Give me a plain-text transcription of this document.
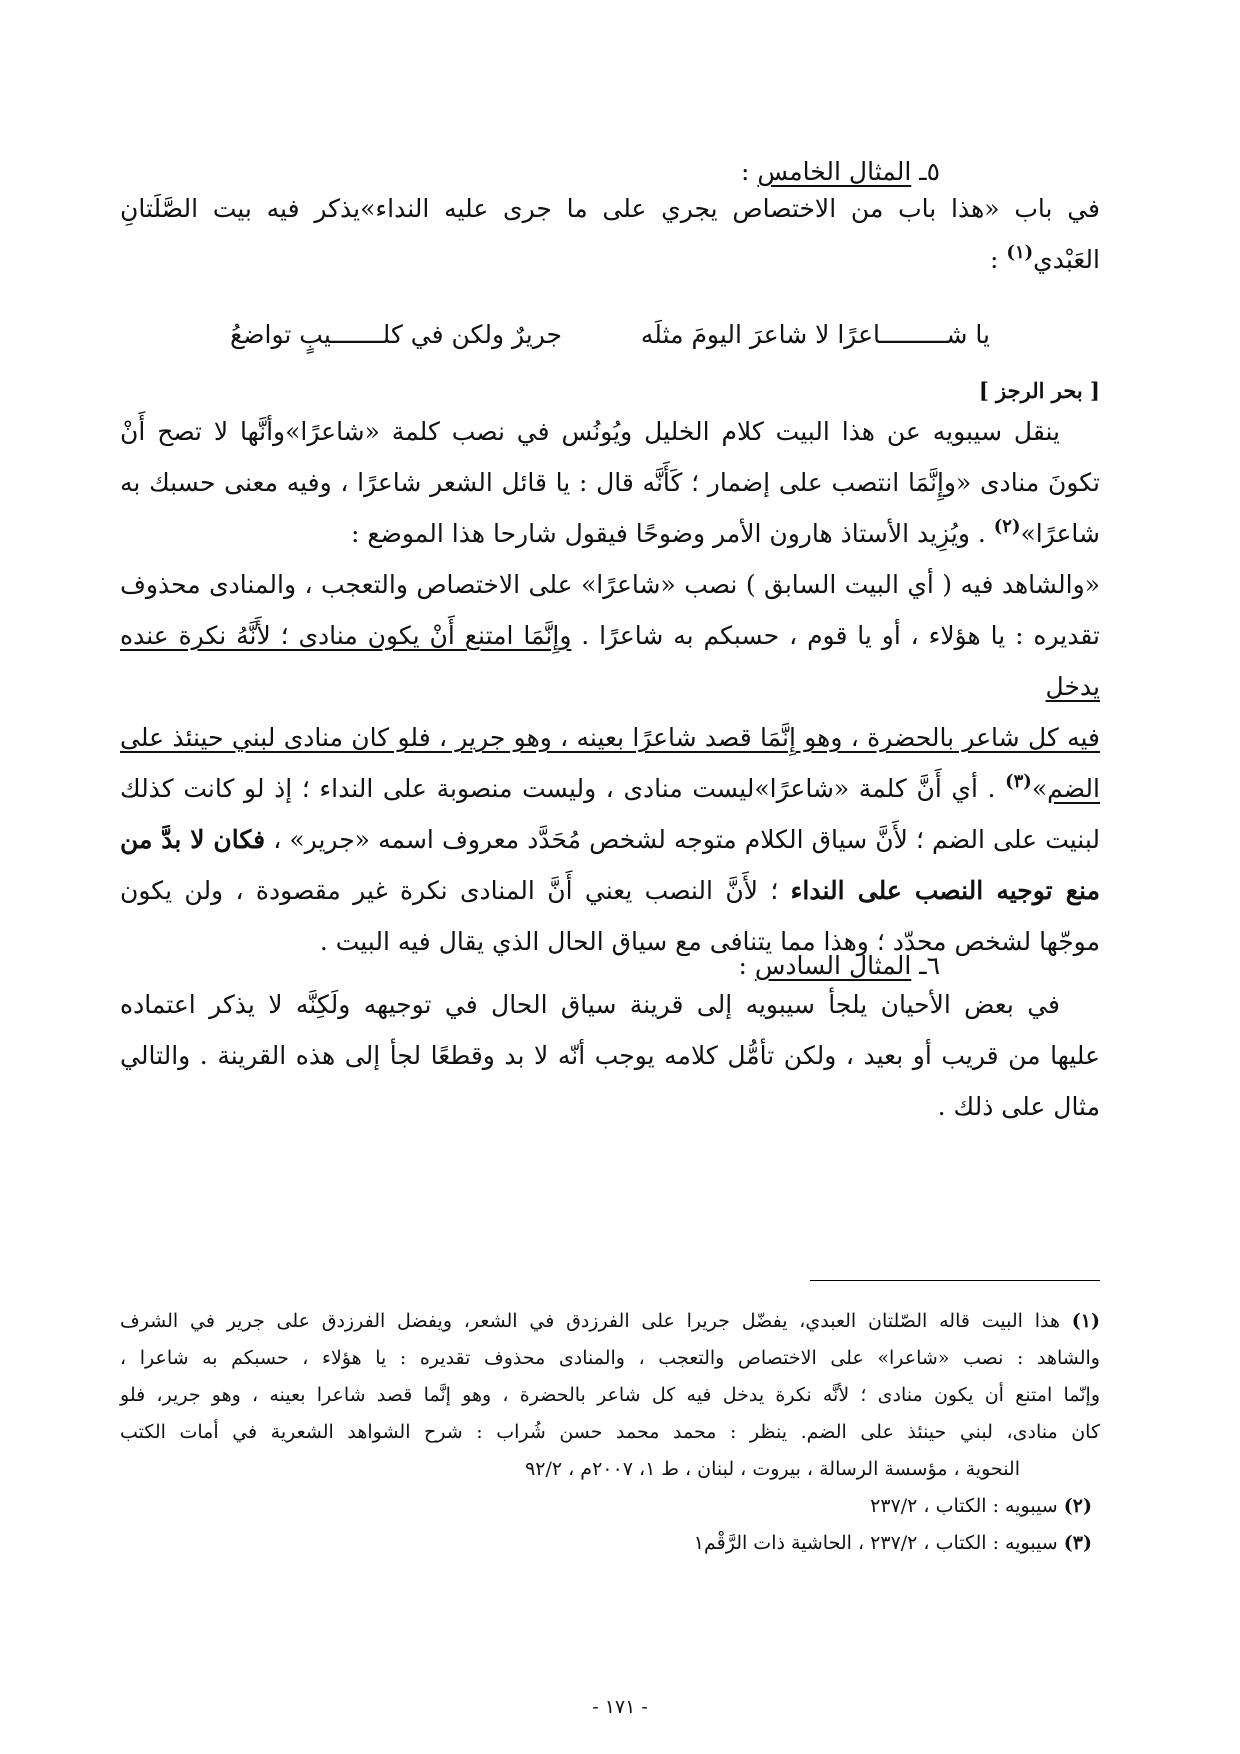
٥ـ المثال الخامس :
في باب «هذا باب من الاختصاص يجري على ما جرى عليه النداء»يذكر فيه بيت الصَّلَتانِ
العَبْدي$^{(١)}$ :
يا شـــــــــاعرًا لا شاعرَ اليومَ مثلَه
جريرٌ ولكن في كلـــــــيبٍ تواضعُ
[ بحر الرجز ]
ينقل سيبويه عن هذا البيت كلام الخليل ويُونُس في نصب كلمة «شاعرًا»وأنَّها لا تصح أَنْ
تكونَ منادى «وإِنَّمَا انتصب على إضمار ؛ كَأَنَّه قال : يا قائل الشعر شاعرًا ، وفيه معنى حسبك به
شاعرًا»$^{(٢)}$ . ويُزِيد الأستاذ هارون الأمر وضوحًا فيقول شارحا هذا الموضع :
«والشاهد فيه ( أي البيت السابق ) نصب «شاعرًا» على الاختصاص والتعجب ، والمنادى محذوف
تقديره : يا هؤلاء ، أو يا قوم ، حسبكم به شاعرًا . وإِنَّمَا امتنع أَنْ يكون منادى ؛ لأَنَّهُ نكرة عنده يدخل
فيه كل شاعر بالحضرة ، وهو إِنَّمَا قصد شاعرًا بعينه ، وهو جرير ، فلو كان منادى لبني حينئذ على
الضم»$^{(٣)}$ . أي أَنَّ كلمة «شاعرًا»ليست منادى ، وليست منصوبة على النداء ؛ إذ لو كانت كذلك
لبنيت على الضم ؛ لأَنَّ سياق الكلام متوجه لشخص مُحَدَّد معروف اسمه «جرير» ، فكان لا بدَّ من
منع توجيه النصب على النداء ؛ لأَنَّ النصب يعني أَنَّ المنادى نكرة غير مقصودة ، ولن يكون
موجّها لشخص محدّد ؛ وهذا مما يتنافى مع سياق الحال الذي يقال فيه البيت .
٦ـ المثال السادس :
في بعض الأحيان يلجأ سيبويه إلى قرينة سياق الحال في توجيهه ولَكِنَّه لا يذكر اعتماده
عليها من قريب أو بعيد ، ولكن تأمُّل كلامه يوجب أنّه لا بد وقطعًا لجأ إلى هذه القرينة . والتالي
مثال على ذلك .
(١) هذا البيت قاله الصّلتان العبدي، يفضّل جريرا على الفرزدق في الشعر، ويفضل الفرزدق على جرير في الشرف
والشاهد : نصب «شاعرا» على الاختصاص والتعجب ، والمنادى محذوف تقديره : يا هؤلاء ، حسبكم به شاعرا ،
وإنّما امتنع أن يكون منادى ؛ لأنَّه نكرة يدخل فيه كل شاعر بالحضرة ، وهو إنَّما قصد شاعرا بعينه ، وهو جرير، فلو
كان منادى، لبني حينئذ على الضم. ينظر : محمد محمد حسن شُراب : شرح الشواهد الشعرية في أمات الكتب
النحوية ، مؤسسة الرسالة ، بيروت ، لبنان ، ط ١، ٢٠٠٧م ، ٩٢/٢
(٢) سيبويه : الكتاب ، ٢٣٧/٢
(٣) سيبويه : الكتاب ، ٢٣٧/٢ ، الحاشية ذات الرَّقْم١
- ١٧١ -
